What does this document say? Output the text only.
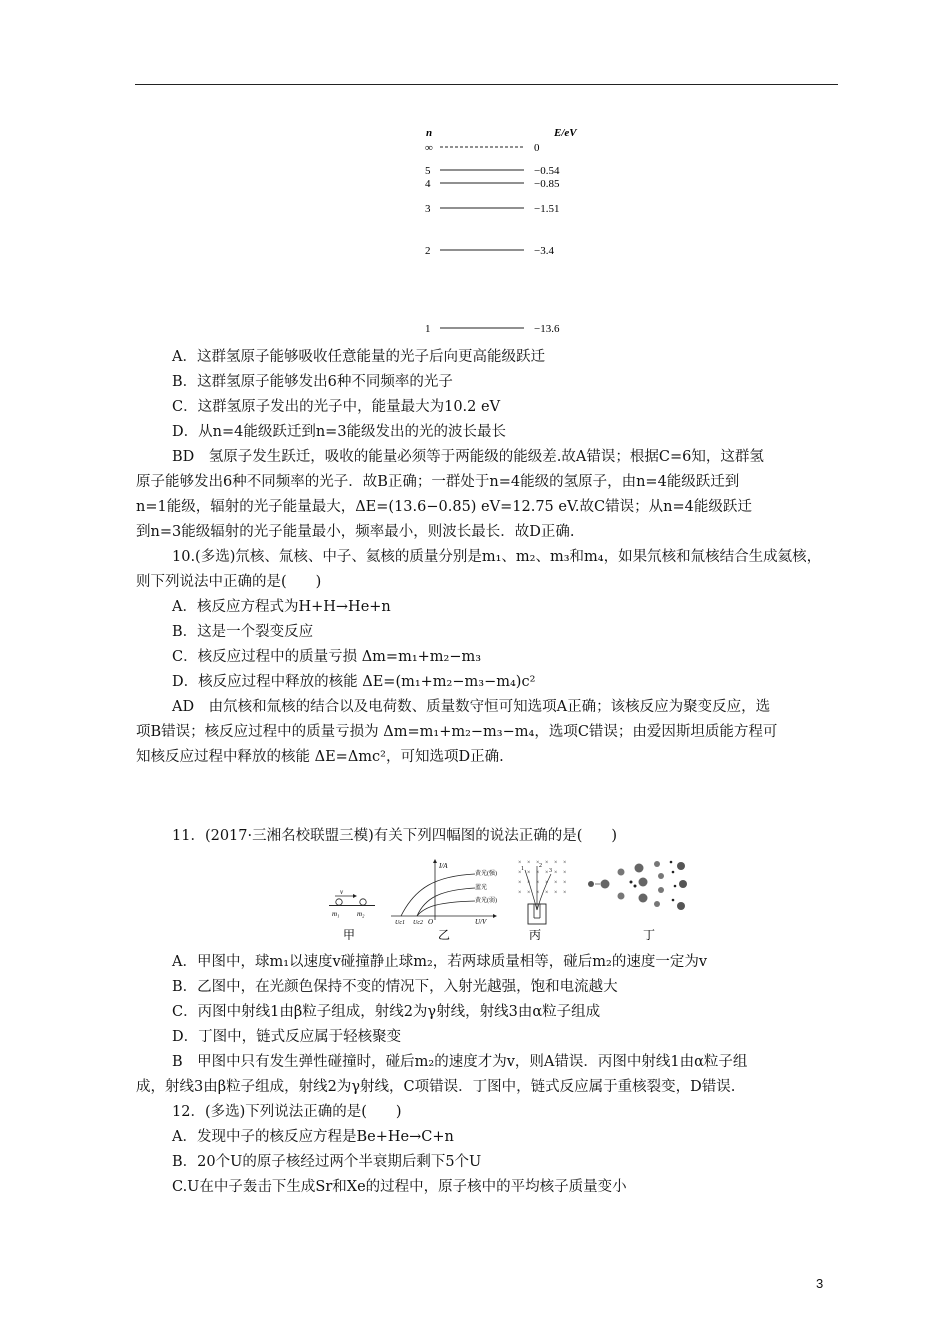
n	E/eV
∞	0
5	−0.54
4	−0.85
3	−1.51
2	−3.4
1	−13.6
A．这群氢原子能够吸收任意能量的光子后向更高能级跃迁
B．这群氢原子能够发出6种不同频率的光子
C．这群氢原子发出的光子中，能量最大为10.2 eV
D．从n=4能级跃迁到n=3能级发出的光的波长最长
BD　氢原子发生跃迁，吸收的能量必须等于两能级的能级差.故A错误；根据C=6知，这群氢
原子能够发出6种不同频率的光子．故B正确；一群处于n=4能级的氢原子，由n=4能级跃迁到
n=1能级，辐射的光子能量最大，ΔE=(13.6−0.85) eV=12.75 eV.故C错误；从n=4能级跃迁
到n=3能级辐射的光子能量最小，频率最小，则波长最长．故D正确.
10.(多选)氘核、氚核、中子、氦核的质量分别是m₁、m₂、m₃和m₄，如果氘核和氚核结合生成氦核，
则下列说法中正确的是(　　)
A．核反应方程式为H+H→He+n
B．这是一个裂变反应
C．核反应过程中的质量亏损 Δm=m₁+m₂−m₃
D．核反应过程中释放的核能 ΔE=(m₁+m₂−m₃−m₄)c²
AD　由氘核和氚核的结合以及电荷数、质量数守恒可知选项A正确；该核反应为聚变反应，选
项B错误；核反应过程中的质量亏损为 Δm=m₁+m₂−m₃−m₄，选项C错误；由爱因斯坦质能方程可
知核反应过程中释放的核能 ΔE=Δmc²，可知选项D正确.
11．(2017·三湘名校联盟三模)有关下列四幅图的说法正确的是(　　)
v
m₁	m₂
甲
I/A
U/V
O
Uc1 Uc2
黄光(强)
蓝光
黄光(弱)
乙
× × × × × ×
× × × × × ×
× × × × × ×
× × × × × ×
1	2
3
丙	丁
A．甲图中，球m₁以速度v碰撞静止球m₂，若两球质量相等，碰后m₂的速度一定为v
B．乙图中，在光颜色保持不变的情况下，入射光越强，饱和电流越大
C．丙图中射线1由β粒子组成，射线2为γ射线，射线3由α粒子组成
D．丁图中，链式反应属于轻核聚变
B　甲图中只有发生弹性碰撞时，碰后m₂的速度才为v，则A错误．丙图中射线1由α粒子组
成，射线3由β粒子组成，射线2为γ射线，C项错误．丁图中，链式反应属于重核裂变，D错误.
12．(多选)下列说法正确的是(　　)
A．发现中子的核反应方程是Be+He→C+n
B．20个U的原子核经过两个半衰期后剩下5个U
C.U在中子轰击下生成Sr和Xe的过程中，原子核中的平均核子质量变小
3
